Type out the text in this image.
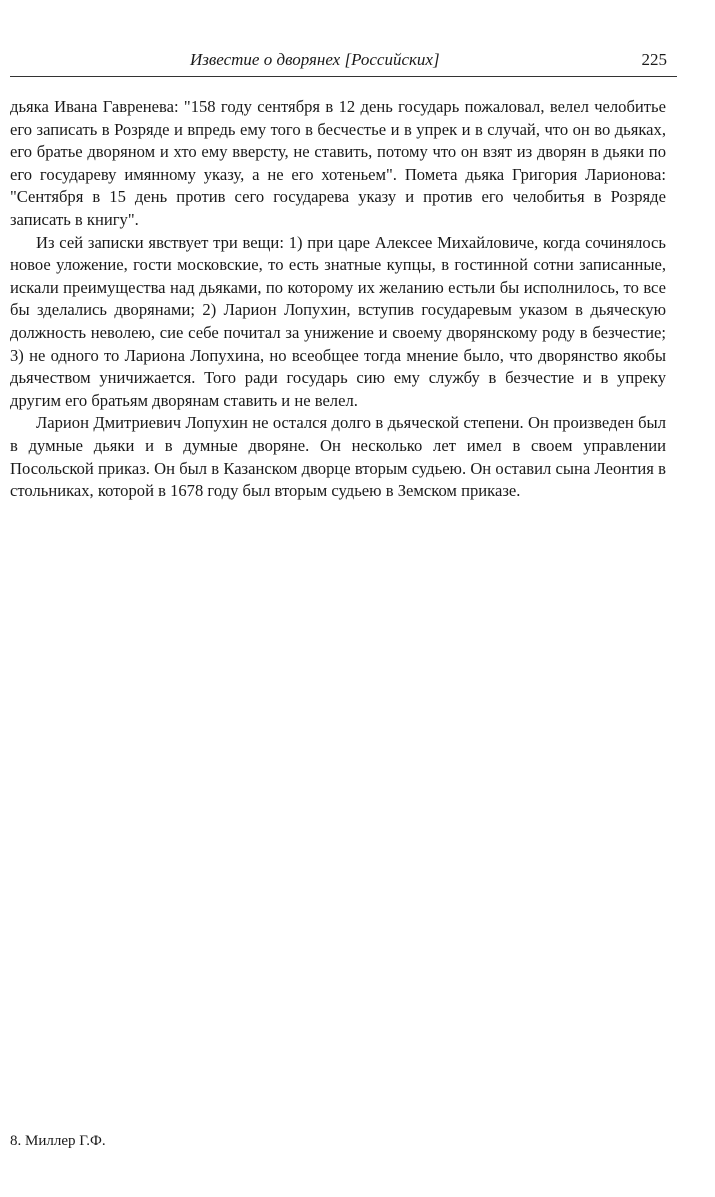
Известие о дворянех [Российских]	225

дьяка Ивана Гавренева: "158 году сентября в 12 день государь пожаловал, велел челобитье его записать в Розряде и впредь ему того в бесчестье и в упрек и в случай, что он во дьяках, его братье дворяном и хто ему вверсту, не ставить, потому что он взят из дворян в дьяки по его государеву имянному указу, а не его хотеньем". Помета дьяка Григория Ларионова: "Сентября в 15 день против сего государева указу и против его челобитья в Розряде записать в книгу".

Из сей записки явствует три вещи: 1) при царе Алексее Михайловиче, когда сочинялось новое уложение, гости московские, то есть знатные купцы, в гостинной сотни записанные, искали преимущества над дьяками, по которому их желанию естьли бы исполнилось, то все бы зделались дворянами; 2) Ларион Лопухин, вступив государевым указом в дьяческую должность неволею, сие себе почитал за унижение и своему дворянскому роду в безчестие; 3) не одного то Лариона Лопухина, но всеобщее тогда мнение было, что дворянство якобы дьячеством уничижается. Того ради государь сию ему службу в безчестие и в упреку другим его братьям дворянам ставить и не велел.

Ларион Дмитриевич Лопухин не остался долго в дьяческой степени. Он произведен был в думные дьяки и в думные дворяне. Он несколько лет имел в своем управлении Посольской приказ. Он был в Казанском дворце вторым судьею. Он оставил сына Леонтия в стольниках, которой в 1678 году был вторым судьею в Земском приказе.

8. Миллер Г.Ф.
